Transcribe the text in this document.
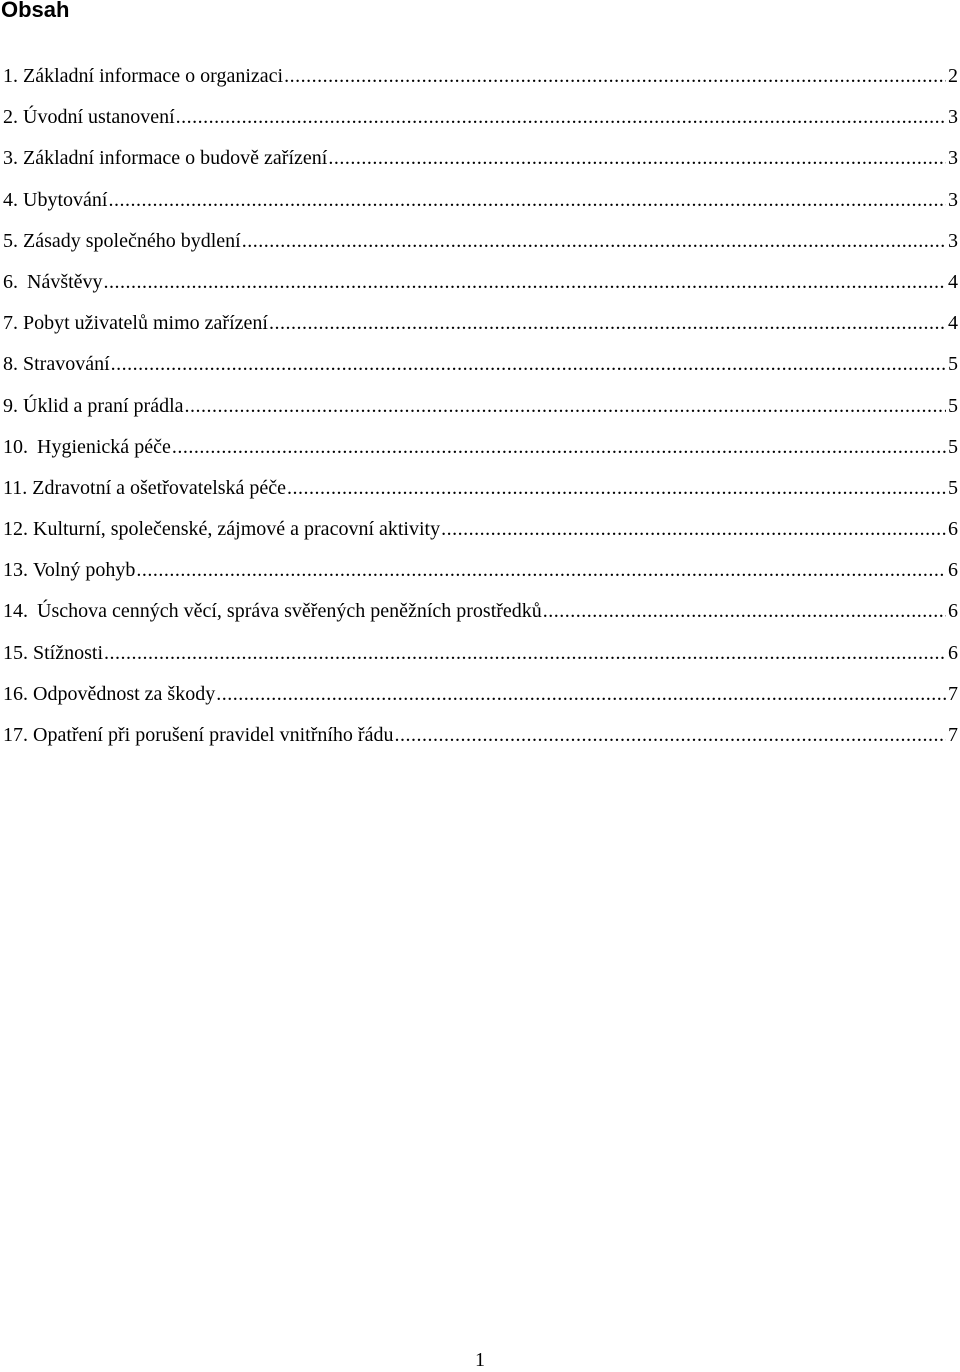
Obsah
1. Základní informace o organizaci .....	2
2. Úvodní ustanovení .....	3
3. Základní informace o budově zařízení .....	3
4. Ubytování .....	3
5. Zásady společného bydlení .....	3
6. Návštěvy .....	4
7. Pobyt uživatelů mimo zařízení .....	4
8. Stravování .....	5
9. Úklid a praní prádla .....	5
10. Hygienická péče .....	5
11. Zdravotní a ošetřovatelská péče .....	5
12. Kulturní, společenské, zájmové a pracovní aktivity .....	6
13. Volný pohyb .....	6
14. Úschova cenných věcí, správa svěřených peněžních prostředků .....	6
15. Stížnosti .....	6
16. Odpovědnost za škody .....	7
17. Opatření při porušení pravidel vnitřního řádu .....	7
1
